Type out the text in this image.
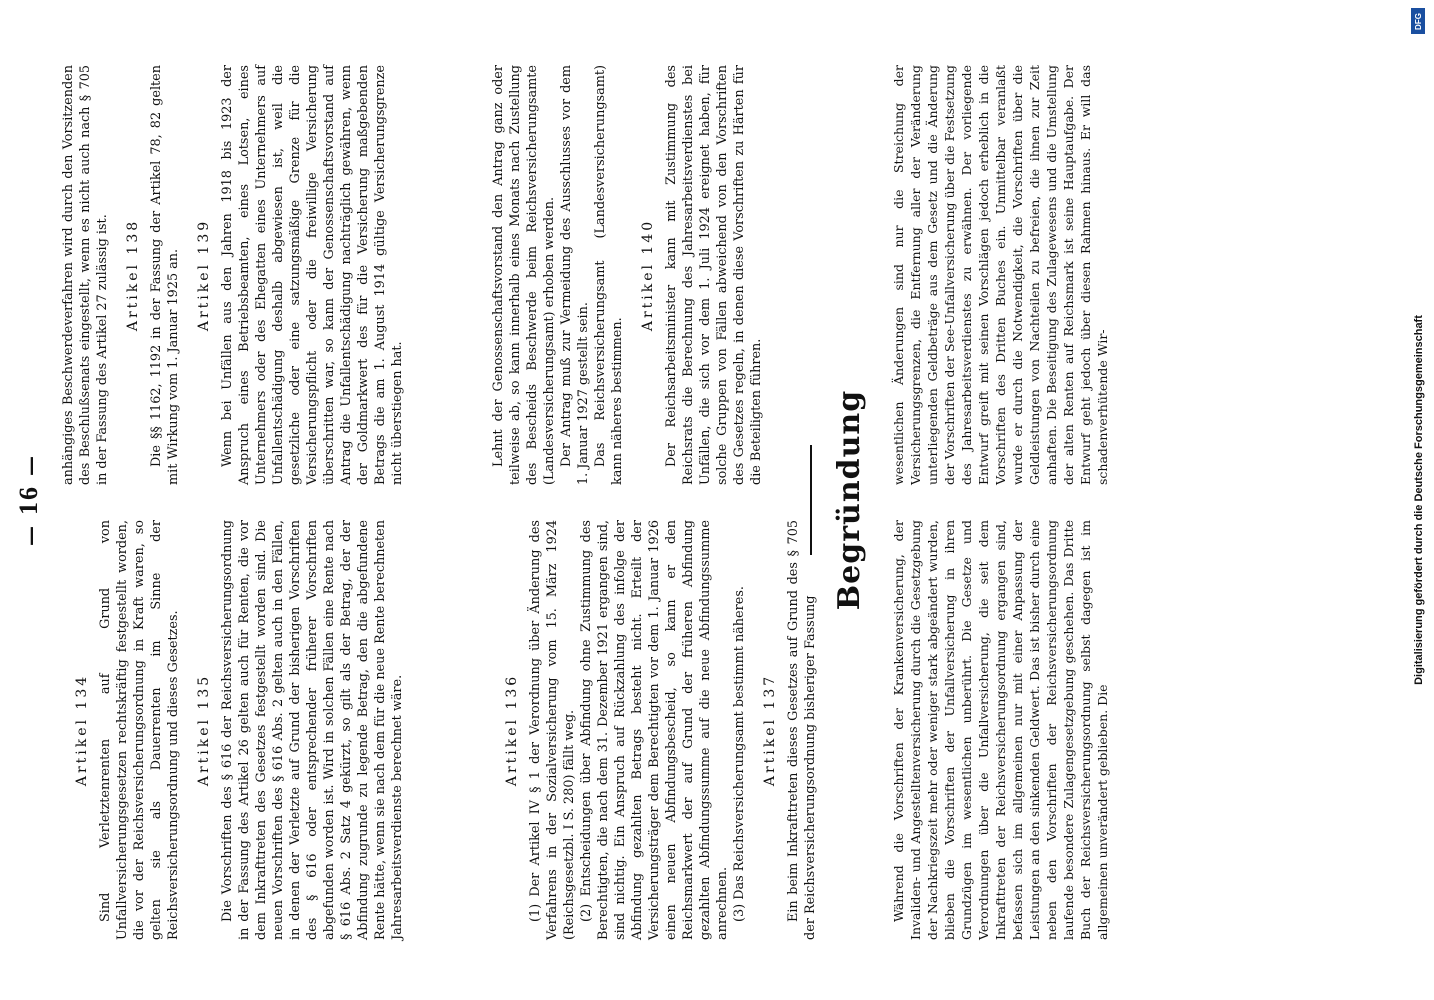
— 16 —
Artikel 134 Sind Verletztenrenten auf Grund von Unfallversicherungsgesetzen rechtskräftig festgestellt worden, die vor der Reichsversicherungsordnung in Kraft waren, so gelten sie als Dauerrenten im Sinne der Reichsversicherungsordnung und dieses Gesetzes. Artikel 135 Die Vorschriften des § 616 der Reichsversicherungsordnung in der Fassung des Artikel 26 gelten auch für Renten, die vor dem Inkrafttreten des Gesetzes festgestellt worden sind. Die neuen Vorschriften des § 616 Abs. 2 gelten auch in den Fällen, in denen der Verletzte auf Grund der bisherigen Vorschriften des § 616 oder entsprechender früherer Vorschriften abgefunden worden ist. Wird in solchen Fällen eine Rente nach § 616 Abs. 2 Satz 4 gekürzt, so gilt als der Betrag, der der Abfindung zugrunde zu legende Betrag, den die abgefundene Rente hätte, wenn sie nach dem für die neue Rente berechneten Jahresarbeitsverdienste berechnet wäre.	Artikel 136 (1) Der Artikel IV § 1 der Verordnung über Änderung des Verfahrens in der Sozialversicherung vom 15. März 1924 (Reichsgesetzbl. I S. 280) fällt weg. (2) Entscheidungen über Abfindung ohne Zustimmung des Berechtigten, die nach dem 31. Dezember 1921 ergangen sind, sind nichtig. Ein Anspruch auf Rückzahlung des infolge der Abfindung gezahlten Betrags besteht nicht. Erteilt der Versicherungsträger dem Berechtigten vor dem 1. Januar 1926 einen neuen Abfindungsbescheid, so kann er den Reichsmarkwert der auf Grund der früheren Abfindung gezahlten Abfindungssumme auf die neue Abfindungssumme anrechnen. (3) Das Reichsversicherungsamt bestimmt näheres. Artikel 137 Ein beim Inkrafttreten dieses Gesetzes auf Grund des § 705 der Reichsversicherungsordnung bisheriger Fassung

anhängiges Beschwerdeverfahren wird durch den Vorsitzenden des Beschlußsenats eingestellt, wenn es nicht auch nach § 705 in der Fassung des Artikel 27 zulässig ist. Artikel 138 Die §§ 1162, 1192 in der Fassung der Artikel 78, 82 gelten mit Wirkung vom 1. Januar 1925 an. Artikel 139 Wenn bei Unfällen aus den Jahren 1918 bis 1923 der Anspruch eines Betriebsbeamten, eines Lotsen, eines Unternehmers oder des Ehegatten eines Unternehmers auf Unfallentschädigung deshalb abgewiesen ist, weil die gesetzliche oder eine satzungsmäßige Grenze für die Versicherungspflicht oder die freiwillige Versicherung überschritten war, so kann der Genossenschaftsvorstand auf Antrag die Unfallentschädigung nachträglich gewähren, wenn der Goldmarkwert des für die Versicherung maßgebenden Betrags die am 1. August 1914 gültige Versicherungsgrenze nicht überstiegen hat.	Lehnt der Genossenschaftsvorstand den Antrag ganz oder teilweise ab, so kann innerhalb eines Monats nach Zustellung des Bescheids Beschwerde beim Reichsversicherungsamte (Landesversicherungsamt) erhoben werden. Der Antrag muß zur Vermeidung des Ausschlusses vor dem 1. Januar 1927 gestellt sein. Das Reichsversicherungsamt (Landesversicherungsamt) kann näheres bestimmen.

Artikel 140 Der Reichsarbeitsminister kann mit Zustimmung des Reichsrats die Berechnung des Jahresarbeitsverdienstes bei Unfällen, die sich vor dem 1. Juli 1924 ereignet haben, für solche Gruppen von Fällen abweichend von den Vorschriften des Gesetzes regeln, in denen diese Vorschriften zu Härten für die Beteiligten führen. Begründung
Während die Vorschriften der Krankenversicherung, der Invaliden- und Angestelltenversicherung durch die Gesetzgebung der Nachkriegszeit mehr oder weniger stark abgeändert wurden, blieben die Vorschriften der Unfallversicherung in ihren Grundzügen im wesentlichen unberührt. Die Gesetze und Verordnungen über die Unfallversicherung, die seit dem Inkrafttreten der Reichsversicherungsordnung ergangen sind, befassen sich im allgemeinen nur mit einer Anpassung der Leistungen an den sinkenden Geldwert. Das ist bisher durch eine neben den Vorschriften der Reichsversicherungsordnung laufende besondere Zulagengesetzgebung geschehen. Das Dritte Buch der Reichsversicherungsordnung selbst dagegen ist im allgemeinen unverändert geblieben. Die
wesentlichen Änderungen sind nur die Streichung der Versicherungsgrenzen, die Entfernung aller der Veränderung unterliegenden Geldbeträge aus dem Gesetz und die Änderung der Vorschriften der See-Unfallversicherung über die Festsetzung des Jahresarbeitsverdienstes zu erwähnen. Der vorliegende Entwurf greift mit seinen Vorschlägen jedoch erheblich in die Vorschriften des Dritten Buches ein. Unmittelbar veranlaßt wurde er durch die Notwendigkeit, die Vorschriften über die Geldleistungen von Nachteilen zu befreien, die ihnen zur Zeit anhaften. Die Beseitigung des Zulagewesens und die Umstellung der alten Renten auf Reichsmark ist seine Hauptaufgabe. Der Entwurf geht jedoch über diesen Rahmen hinaus. Er will das schadenverhütende Wir-
DFG
Digitalisierung gefördert durch die Deutsche Forschungsgemeinschaft
